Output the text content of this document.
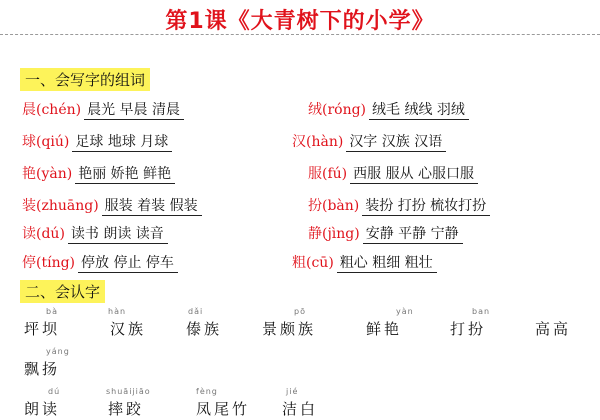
第1课《大青树下的小学》
一、会写字的组词
晨(chén) 晨光 早晨 清晨
球(qiú) 足球 地球 月球
艳(yàn) 艳丽 娇艳 鲜艳
装(zhuāng) 服装 着装 假装
读(dú) 读书 朗读 读音
停(tíng) 停放 停止 停车
绒(róng) 绒毛 绒线 羽绒
汉(hàn) 汉字 汉族 汉语
服(fú) 西服 服从 心服口服
扮(bàn) 装扮 打扮 梳妆打扮
静(jìng) 安静 平静 宁静
粗(cū) 粗心 粗细 粗壮
二、会认字
bà
坪坝
hàn
汉族
dǎi
傣族
pō
景颇族
yàn
鲜艳
ban
打扮	高高
yáng
飘扬
dú
朗读
shuāijiāo
摔跤
fèng
凤尾竹
jié
洁白
